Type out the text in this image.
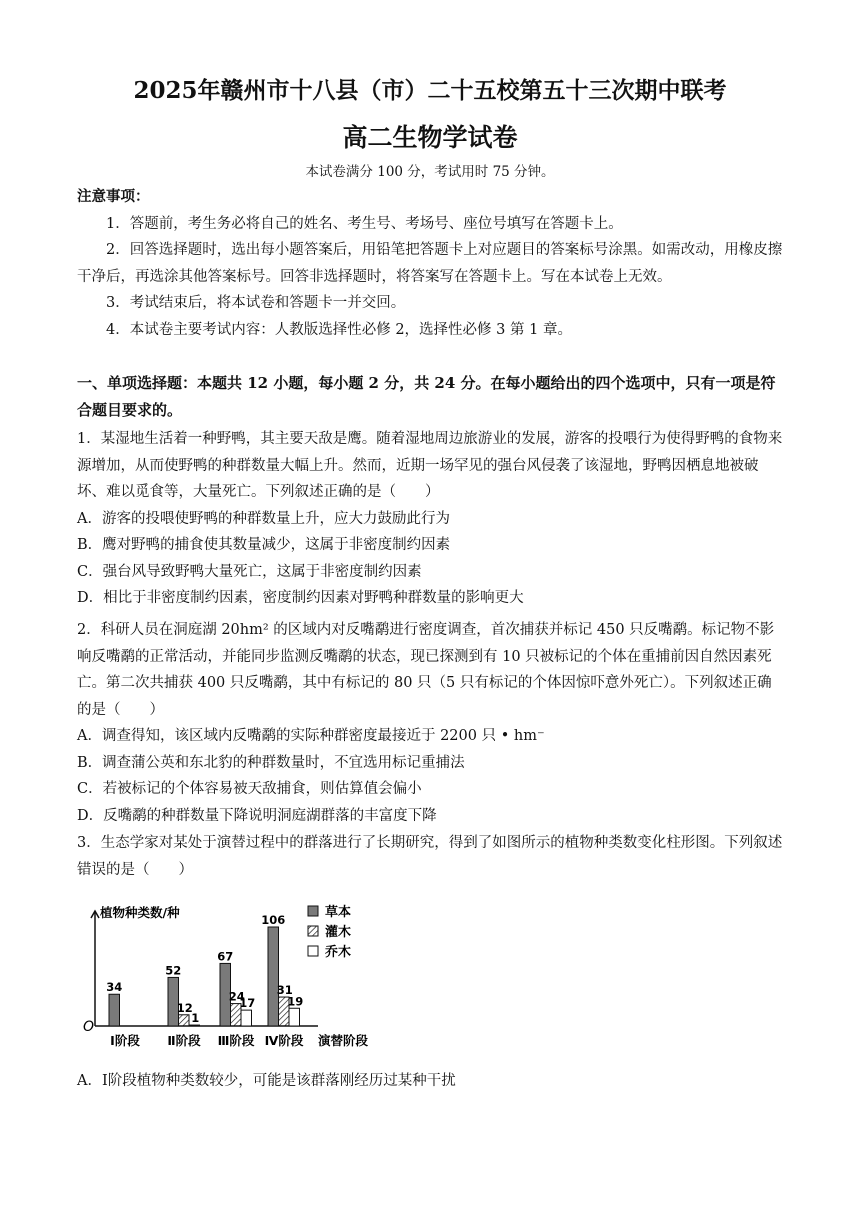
2025年赣州市十八县（市）二十五校第五十三次期中联考
高二生物学试卷
本试卷满分 100 分，考试用时 75 分钟。
注意事项：
1．答题前，考生务必将自己的姓名、考生号、考场号、座位号填写在答题卡上。
2．回答选择题时，选出每小题答案后，用铅笔把答题卡上对应题目的答案标号涂黑。如需改动，用橡皮擦干净后，再选涂其他答案标号。回答非选择题时，将答案写在答题卡上。写在本试卷上无效。
3．考试结束后，将本试卷和答题卡一并交回。
4．本试卷主要考试内容：人教版选择性必修 2，选择性必修 3 第 1 章。
一、单项选择题：本题共 12 小题，每小题 2 分，共 24 分。在每小题给出的四个选项中，只有一项是符合题目要求的。
1．某湿地生活着一种野鸭，其主要天敌是鹰。随着湿地周边旅游业的发展，游客的投喂行为使得野鸭的食物来源增加，从而使野鸭的种群数量大幅上升。然而，近期一场罕见的强台风侵袭了该湿地，野鸭因栖息地被破坏、难以觅食等，大量死亡。下列叙述正确的是（　　）
A．游客的投喂使野鸭的种群数量上升，应大力鼓励此行为
B．鹰对野鸭的捕食使其数量减少，这属于非密度制约因素
C．强台风导致野鸭大量死亡，这属于非密度制约因素
D．相比于非密度制约因素，密度制约因素对野鸭种群数量的影响更大
2．科研人员在洞庭湖 20hm² 的区域内对反嘴鹬进行密度调查，首次捕获并标记 450 只反嘴鹬。标记物不影响反嘴鹬的正常活动，并能同步监测反嘴鹬的状态，现已探测到有 10 只被标记的个体在重捕前因自然因素死亡。第二次共捕获 400 只反嘴鹬，其中有标记的 80 只（5 只有标记的个体因惊吓意外死亡）。下列叙述正确的是（　　）
A．调查得知，该区域内反嘴鹬的实际种群密度最接近于 2200 只 • hm⁻
B．调查蒲公英和东北豹的种群数量时，不宜选用标记重捕法
C．若被标记的个体容易被天敌捕食，则估算值会偏小
D．反嘴鹬的种群数量下降说明洞庭湖群落的丰富度下降
3．生态学家对某处于演替过程中的群落进行了长期研究，得到了如图所示的植物种类数变化柱形图。下列叙述错误的是（　　）
O
植物种类数/种
演替阶段
34
Ⅰ阶段
52
12
1
Ⅱ阶段
67
24
17
Ⅲ阶段
106
31
19
Ⅳ阶段
草本
灌木
乔木
A．Ⅰ阶段植物种类数较少，可能是该群落刚经历过某种干扰
